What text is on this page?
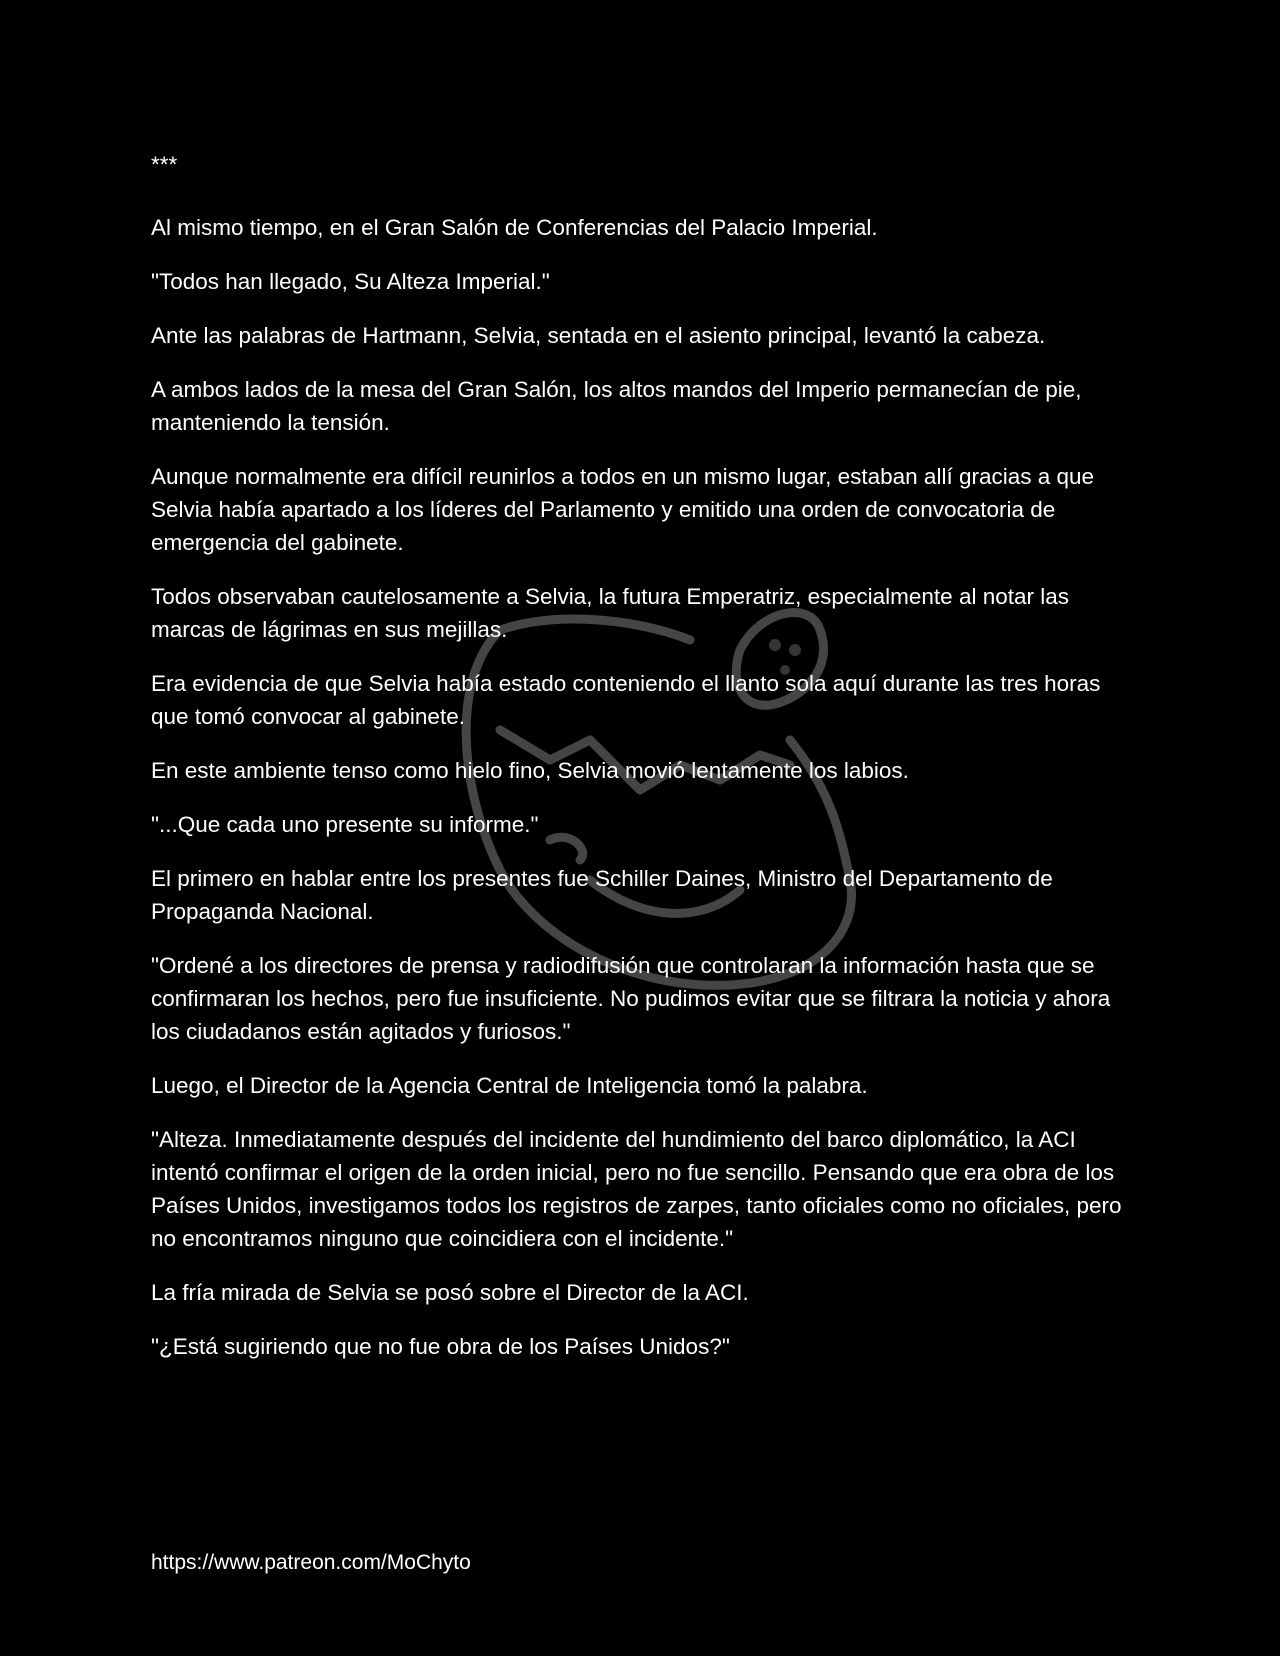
***

Al mismo tiempo, en el Gran Salón de Conferencias del Palacio Imperial.

"Todos han llegado, Su Alteza Imperial."

Ante las palabras de Hartmann, Selvia, sentada en el asiento principal, levantó la cabeza.

A ambos lados de la mesa del Gran Salón, los altos mandos del Imperio permanecían de pie, manteniendo la tensión.

Aunque normalmente era difícil reunirlos a todos en un mismo lugar, estaban allí gracias a que Selvia había apartado a los líderes del Parlamento y emitido una orden de convocatoria de emergencia del gabinete.

Todos observaban cautelosamente a Selvia, la futura Emperatriz, especialmente al notar las marcas de lágrimas en sus mejillas.

Era evidencia de que Selvia había estado conteniendo el llanto sola aquí durante las tres horas que tomó convocar al gabinete.

En este ambiente tenso como hielo fino, Selvia movió lentamente los labios.

"...Que cada uno presente su informe."

El primero en hablar entre los presentes fue Schiller Daines, Ministro del Departamento de Propaganda Nacional.

"Ordené a los directores de prensa y radiodifusión que controlaran la información hasta que se confirmaran los hechos, pero fue insuficiente. No pudimos evitar que se filtrara la noticia y ahora los ciudadanos están agitados y furiosos."

Luego, el Director de la Agencia Central de Inteligencia tomó la palabra.

"Alteza. Inmediatamente después del incidente del hundimiento del barco diplomático, la ACI intentó confirmar el origen de la orden inicial, pero no fue sencillo. Pensando que era obra de los Países Unidos, investigamos todos los registros de zarpes, tanto oficiales como no oficiales, pero no encontramos ninguno que coincidiera con el incidente."

La fría mirada de Selvia se posó sobre el Director de la ACI.

"¿Está sugiriendo que no fue obra de los Países Unidos?"

https://www.patreon.com/MoChyto
